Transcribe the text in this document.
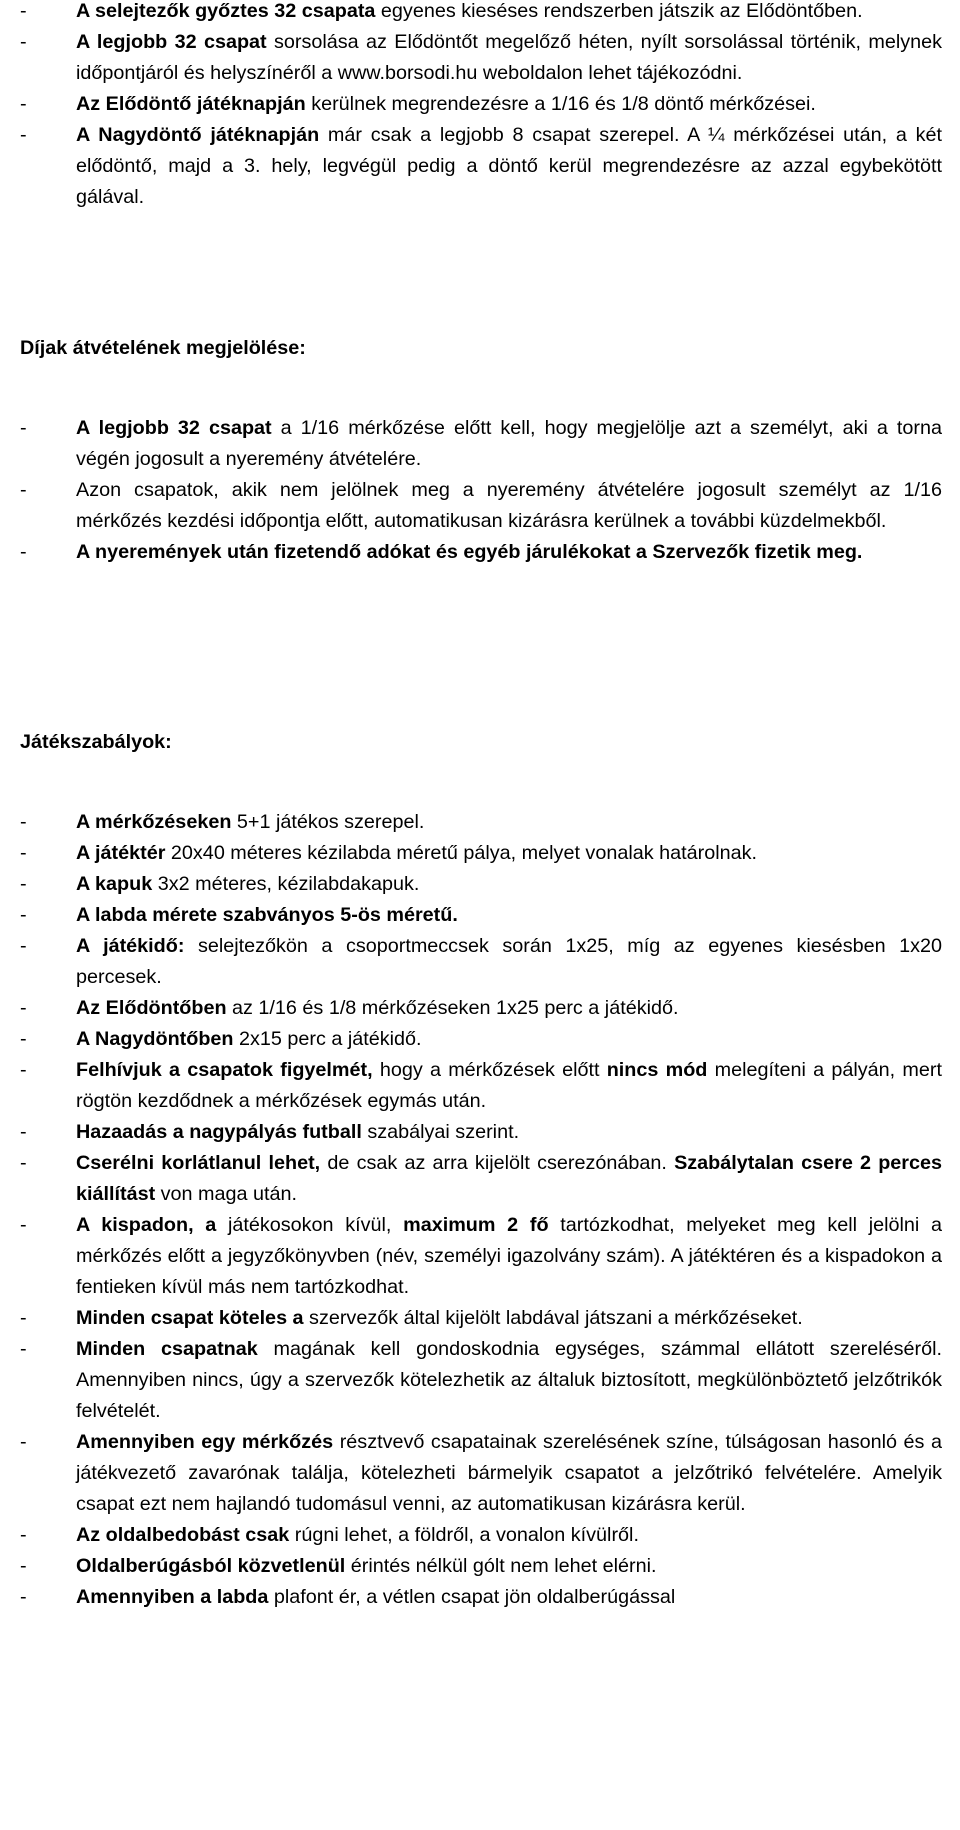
- A selejtezők győztes 32 csapata egyenes kieséses rendszerben játszik az Elődöntőben.
- A legjobb 32 csapat sorsolása az Elődöntőt megelőző héten, nyílt sorsolással történik, melynek időpontjáról és helyszínéről a www.borsodi.hu weboldalon lehet tájékozódni.
- Az Elődöntő játéknapján kerülnek megrendezésre a 1/16 és 1/8 döntő mérkőzései.
- A Nagydöntő játéknapján már csak a legjobb 8 csapat szerepel. A ¼ mérkőzései után, a két elődöntő, majd a 3. hely, legvégül pedig a döntő kerül megrendezésre az azzal egybekötött gálával.
Díjak átvételének megjelölése:
- A legjobb 32 csapat a 1/16 mérkőzése előtt kell, hogy megjelölje azt a személyt, aki a torna végén jogosult a nyeremény átvételére.
- Azon csapatok, akik nem jelölnek meg a nyeremény átvételére jogosult személyt az 1/16 mérkőzés kezdési időpontja előtt, automatikusan kizárásra kerülnek a további küzdelmekből.
- A nyeremények után fizetendő adókat és egyéb járulékokat a Szervezők fizetik meg.
Játékszabályok:
- A mérkőzéseken 5+1 játékos szerepel.
- A játéktér 20x40 méteres kézilabda méretű pálya, melyet vonalak határolnak.
- A kapuk 3x2 méteres, kézilabdakapuk.
- A labda mérete szabványos 5-ös méretű.
- A játékidő: selejtezőkön a csoportmeccsek során 1x25, míg az egyenes kiesésben 1x20 percesek.
- Az Elődöntőben az 1/16 és 1/8 mérkőzéseken 1x25 perc a játékidő.
- A Nagydöntőben 2x15 perc a játékidő.
- Felhívjuk a csapatok figyelmét, hogy a mérkőzések előtt nincs mód melegíteni a pályán, mert rögtön kezdődnek a mérkőzések egymás után.
- Hazaadás a nagypályás futball szabályai szerint.
- Cserélni korlátlanul lehet, de csak az arra kijelölt cserezónában. Szabálytalan csere 2 perces kiállítást von maga után.
- A kispadon, a játékosokon kívül, maximum 2 fő tartózkodhat, melyeket meg kell jelölni a mérkőzés előtt a jegyzőkönyvben (név, személyi igazolvány szám). A játéktéren és a kispadokon a fentieken kívül más nem tartózkodhat.
- Minden csapat köteles a szervezők által kijelölt labdával játszani a mérkőzéseket.
- Minden csapatnak magának kell gondoskodnia egységes, számmal ellátott szereléséről. Amennyiben nincs, úgy a szervezők kötelezhetik az általuk biztosított, megkülönböztető jelzőtrikók felvételét.
- Amennyiben egy mérkőzés résztvevő csapatainak szerelésének színe, túlságosan hasonló és a játékvezető zavarónak találja, kötelezheti bármelyik csapatot a jelzőtrikó felvételére. Amelyik csapat ezt nem hajlandó tudomásul venni, az automatikusan kizárásra kerül.
- Az oldalbedobást csak rúgni lehet, a földről, a vonalon kívülről.
- Oldalberúgásból közvetlenül érintés nélkül gólt nem lehet elérni.
- Amennyiben a labda plafont ér, a vétlen csapat jön oldalberúgással
